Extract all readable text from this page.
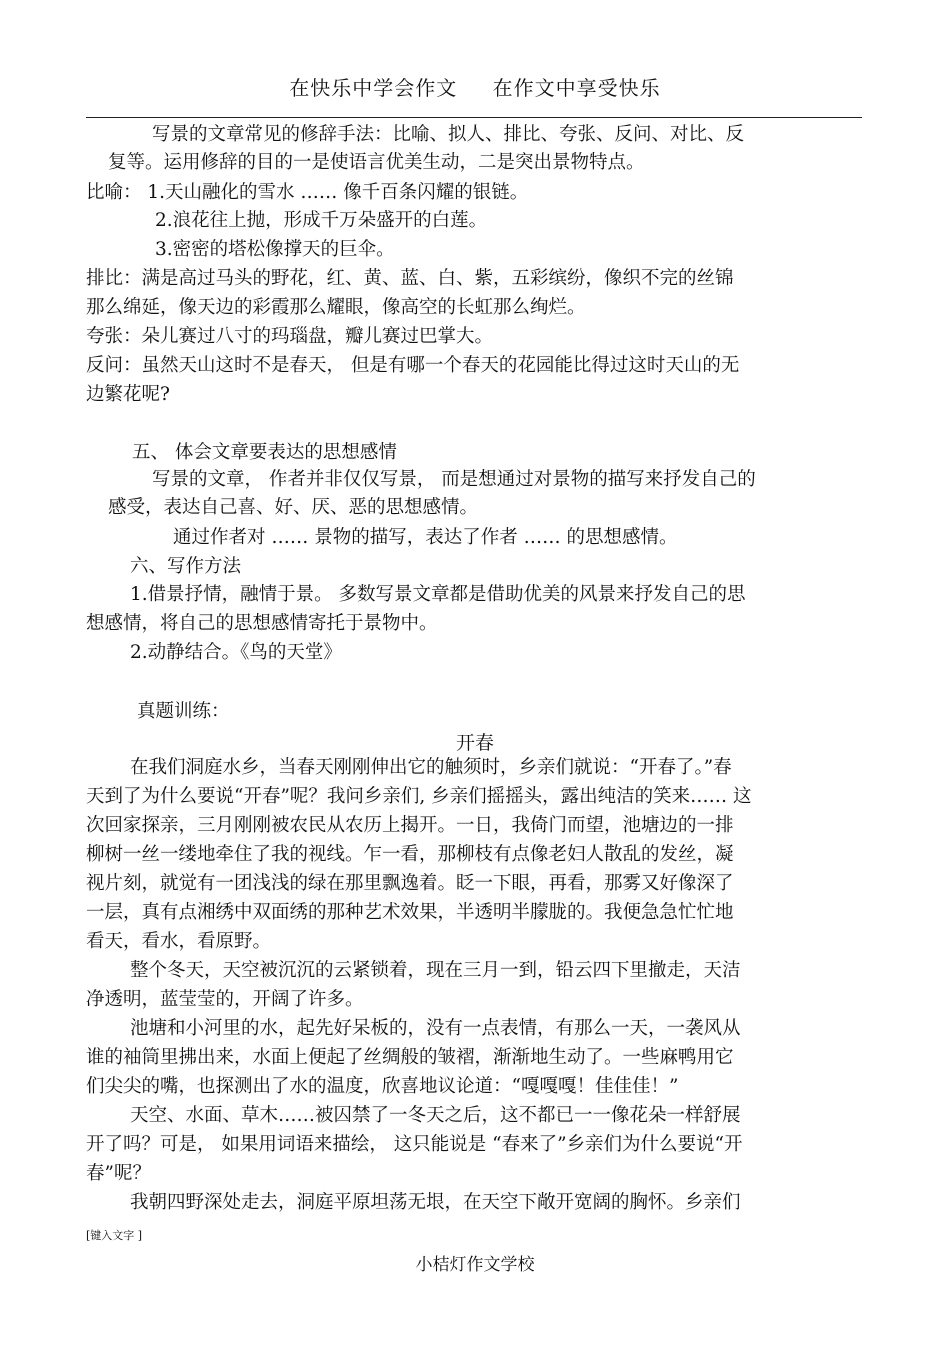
在快乐中学会作文 在作文中享受快乐
写景的文章常见的修辞手法：比喻、拟人、排比、夸张、反问、对比、反
复等。运用修辞的目的一是使语言优美生动，二是突出景物特点。
比喻： 1.天山融化的雪水 …… 像千百条闪耀的银链。
2.浪花往上抛，形成千万朵盛开的白莲。
3.密密的塔松像撑天的巨伞。
排比：满是高过马头的野花，红、黄、蓝、白、紫，五彩缤纷，像织不完的丝锦
那么绵延，像天边的彩霞那么耀眼，像高空的长虹那么绚烂。
夸张：朵儿赛过八寸的玛瑙盘，瓣儿赛过巴掌大。
反问：虽然天山这时不是春天， 但是有哪一个春天的花园能比得过这时天山的无
边繁花呢?
五、 体会文章要表达的思想感情
写景的文章， 作者并非仅仅写景， 而是想通过对景物的描写来抒发自己的
感受，表达自己喜、好、厌、恶的思想感情。
通过作者对 …… 景物的描写，表达了作者 …… 的思想感情。
六、写作方法
1.借景抒情，融情于景。 多数写景文章都是借助优美的风景来抒发自己的思
想感情，将自己的思想感情寄托于景物中。
2.动静结合。《鸟的天堂》
真题训练：
在我们洞庭水乡，当春天刚刚伸出它的触须时，乡亲们就说：“开春了。”春
天到了为什么要说“开春”呢？我问乡亲们, 乡亲们摇摇头，露出纯洁的笑来…… 这
次回家探亲，三月刚刚被农民从农历上揭开。一日，我倚门而望，池塘边的一排
柳树一丝一缕地牵住了我的视线。乍一看，那柳枝有点像老妇人散乱的发丝，凝
视片刻，就觉有一团浅浅的绿在那里飘逸着。眨一下眼，再看，那雾又好像深了
一层，真有点湘绣中双面绣的那种艺术效果，半透明半朦胧的。我便急急忙忙地
看天，看水，看原野。
整个冬天，天空被沉沉的云紧锁着，现在三月一到，铅云四下里撤走，天洁
净透明，蓝莹莹的，开阔了许多。
池塘和小河里的水，起先好呆板的，没有一点表情，有那么一天，一袭风从
谁的袖筒里拂出来，水面上便起了丝绸般的皱褶，渐渐地生动了。一些麻鸭用它
们尖尖的嘴，也探测出了水的温度，欣喜地议论道：“嘎嘎嘎！佳佳佳！”
天空、水面、草木……被囚禁了一冬天之后，这不都已一一像花朵一样舒展
开了吗？可是， 如果用词语来描绘， 这只能说是 “春来了”乡亲们为什么要说“开
春”呢？
我朝四野深处走去，洞庭平原坦荡无垠，在天空下敞开宽阔的胸怀。乡亲们
开春
[键入文字 ]
小桔灯作文学校
